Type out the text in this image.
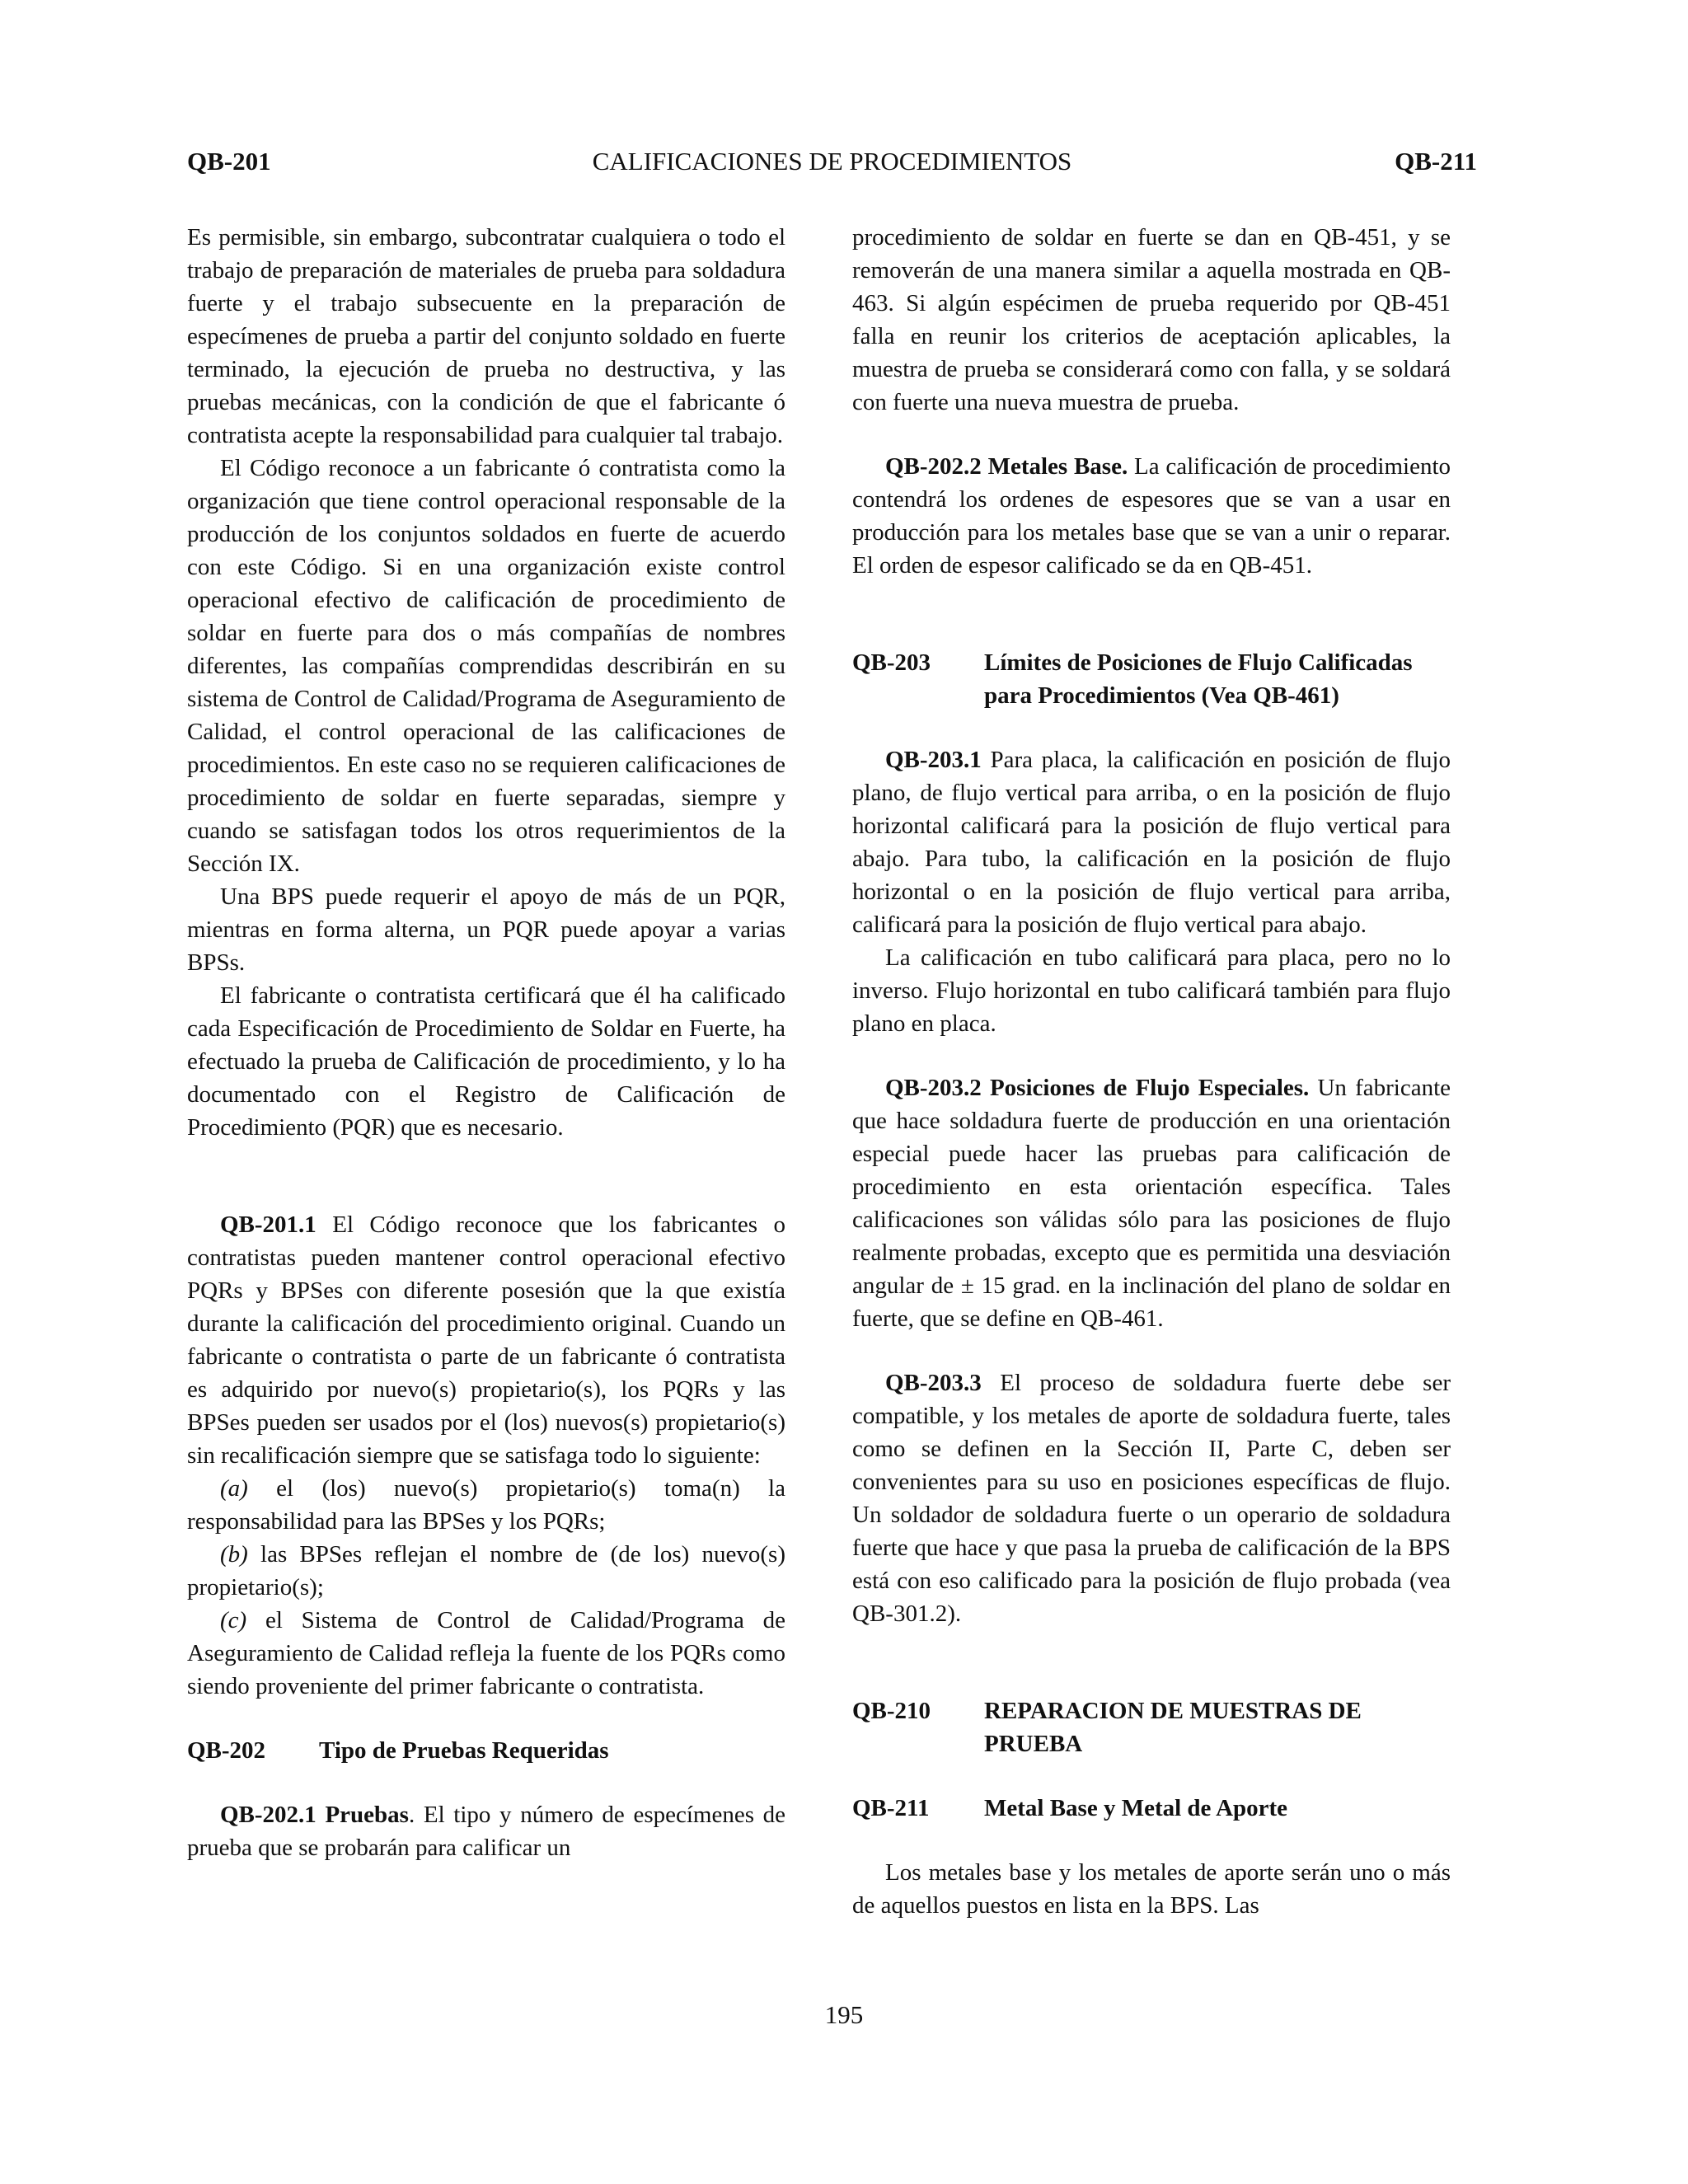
QB-201	CALIFICACIONES DE PROCEDIMIENTOS	QB-211

Es permisible, sin embargo, subcontratar cualquiera o todo el trabajo de preparación de materiales de prueba para soldadura fuerte y el trabajo subsecuente en la preparación de especímenes de prueba a partir del conjunto soldado en fuerte terminado, la ejecución de prueba no destructiva, y las pruebas mecánicas, con la condición de que el fabricante ó contratista acepte la responsabilidad para cualquier tal trabajo.

El Código reconoce a un fabricante ó contratista como la organización que tiene control operacional responsable de la producción de los conjuntos soldados en fuerte de acuerdo con este Código. Si en una organización existe control operacional efectivo de calificación de procedimiento de soldar en fuerte para dos o más compañías de nombres diferentes, las compañías comprendidas describirán en su sistema de Control de Calidad/Programa de Aseguramiento de Calidad, el control operacional de las calificaciones de procedimientos. En este caso no se requieren calificaciones de procedimiento de soldar en fuerte separadas, siempre y cuando se satisfagan todos los otros requerimientos de la Sección IX.

Una BPS puede requerir el apoyo de más de un PQR, mientras en forma alterna, un PQR puede apoyar a varias BPSs.

El fabricante o contratista certificará que él ha calificado cada Especificación de Procedimiento de Soldar en Fuerte, ha efectuado la prueba de Calificación de procedimiento, y lo ha documentado con el Registro de Calificación de Procedimiento (PQR) que es necesario.

QB-201.1 El Código reconoce que los fabricantes o contratistas pueden mantener control operacional efectivo PQRs y BPSes con diferente posesión que la que existía durante la calificación del procedimiento original. Cuando un fabricante o contratista o parte de un fabricante ó contratista es adquirido por nuevo(s) propietario(s), los PQRs y las BPSes pueden ser usados por el (los) nuevos(s) propietario(s) sin recalificación siempre que se satisfaga todo lo siguiente:

(a) el (los) nuevo(s) propietario(s) toma(n) la responsabilidad para las BPSes y los PQRs;

(b) las BPSes reflejan el nombre de (de los) nuevo(s) propietario(s);

(c) el Sistema de Control de Calidad/Programa de Aseguramiento de Calidad refleja la fuente de los PQRs como siendo proveniente del primer fabricante o contratista.

QB-202	Tipo de Pruebas Requeridas

QB-202.1 Pruebas. El tipo y número de especímenes de prueba que se probarán para calificar un

procedimiento de soldar en fuerte se dan en QB-451, y se removerán de una manera similar a aquella mostrada en QB-463. Si algún espécimen de prueba requerido por QB-451 falla en reunir los criterios de aceptación aplicables, la muestra de prueba se considerará como con falla, y se soldará con fuerte una nueva muestra de prueba.

QB-202.2 Metales Base. La calificación de procedimiento contendrá los ordenes de espesores que se van a usar en producción para los metales base que se van a unir o reparar. El orden de espesor calificado se da en QB-451.

QB-203	Límites de Posiciones de Flujo Calificadas para Procedimientos (Vea QB-461)

QB-203.1 Para placa, la calificación en posición de flujo plano, de flujo vertical para arriba, o en la posición de flujo horizontal calificará para la posición de flujo vertical para abajo. Para tubo, la calificación en la posición de flujo horizontal o en la posición de flujo vertical para arriba, calificará para la posición de flujo vertical para abajo.

La calificación en tubo calificará para placa, pero no lo inverso. Flujo horizontal en tubo calificará también para flujo plano en placa.

QB-203.2 Posiciones de Flujo Especiales. Un fabricante que hace soldadura fuerte de producción en una orientación especial puede hacer las pruebas para calificación de procedimiento en esta orientación específica. Tales calificaciones son válidas sólo para las posiciones de flujo realmente probadas, excepto que es permitida una desviación angular de ± 15 grad. en la inclinación del plano de soldar en fuerte, que se define en QB-461.

QB-203.3 El proceso de soldadura fuerte debe ser compatible, y los metales de aporte de soldadura fuerte, tales como se definen en la Sección II, Parte C, deben ser convenientes para su uso en posiciones específicas de flujo. Un soldador de soldadura fuerte o un operario de soldadura fuerte que hace y que pasa la prueba de calificación de la BPS está con eso calificado para la posición de flujo probada (vea QB-301.2).

QB-210	REPARACION DE MUESTRAS DE PRUEBA
QB-211	Metal Base y Metal de Aporte

Los metales base y los metales de aporte serán uno o más de aquellos puestos en lista en la BPS. Las

195
